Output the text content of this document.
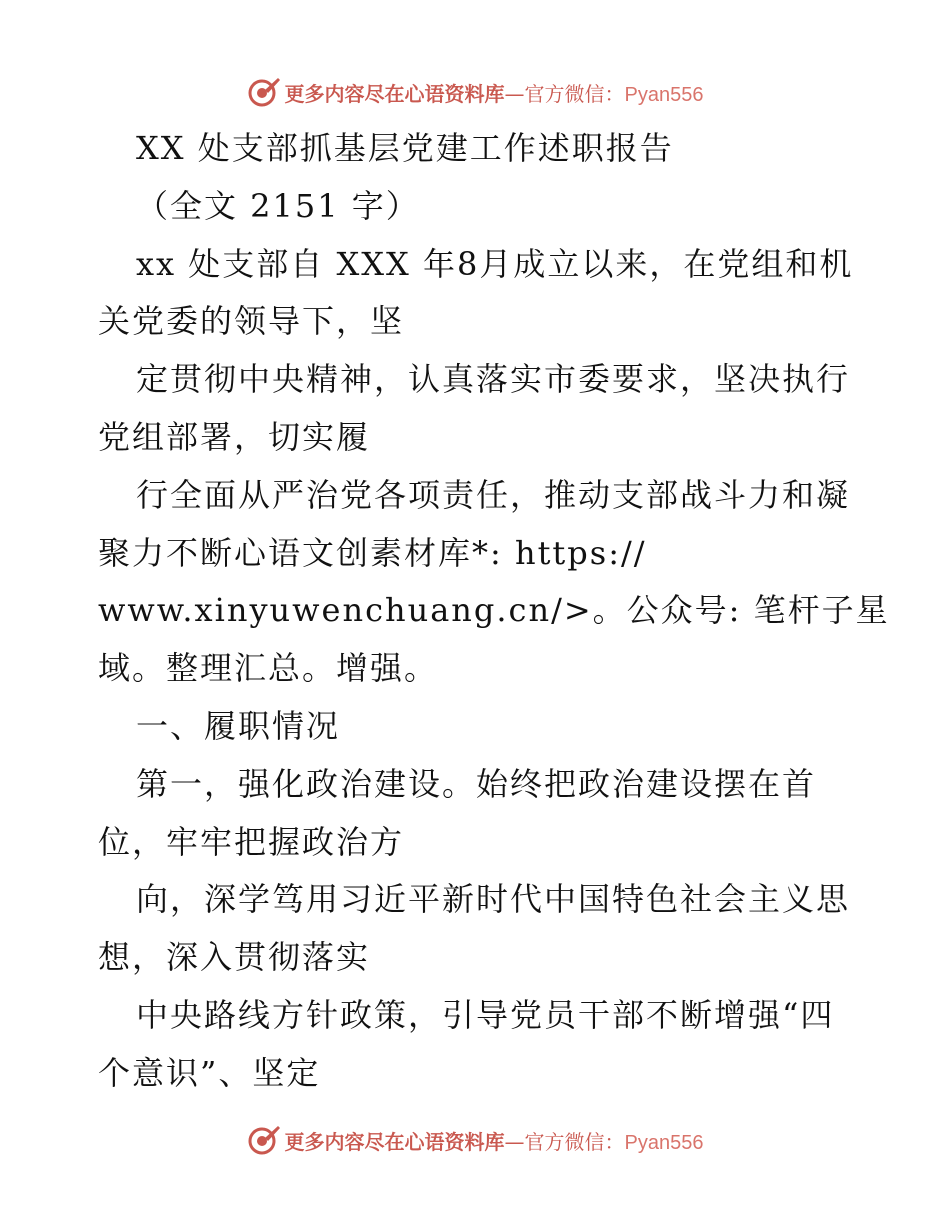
更多内容尽在心语资料库—官方微信：Pyan556
XX 处支部抓基层党建工作述职报告
（全文 2151 字）
xx 处支部自 XXX 年8月成立以来，在党组和机
关党委的领导下，坚
定贯彻中央精神，认真落实市委要求，坚决执行
党组部署，切实履
行全面从严治党各项责任，推动支部战斗力和凝
聚力不断心语文创素材库*: https://
www.xinyuwenchuang.cn/>。公众号: 笔杆子星
域。整理汇总。增强。
一、履职情况
第一，强化政治建设。始终把政治建设摆在首
位，牢牢把握政治方
向，深学笃用习近平新时代中国特色社会主义思
想，深入贯彻落实
中央路线方针政策，引导党员干部不断增强“四
个意识”、坚定
更多内容尽在心语资料库—官方微信：Pyan556
